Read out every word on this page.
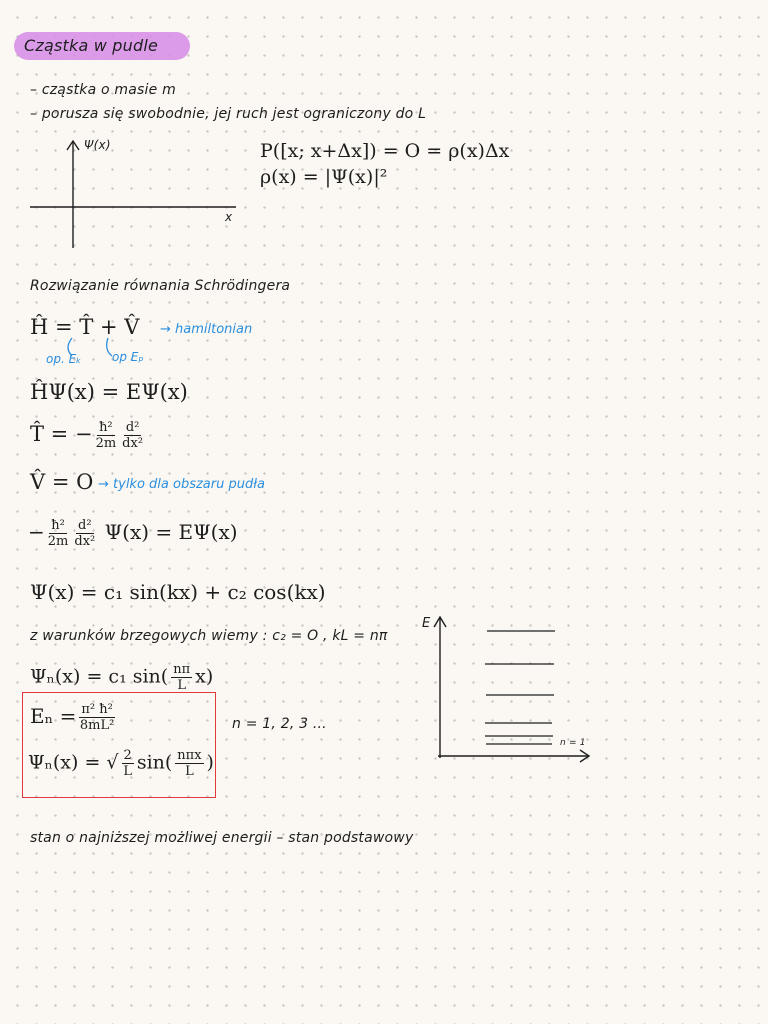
Cząstka w pudle
– cząstka o masie m
– porusza się swobodnie, jej ruch jest ograniczony do L
Ψ(x)
x
P([x; x+Δx]) = O = ρ(x)Δx
ρ(x) = |Ψ(x)|²
Rozwiązanie równania Schrödingera
Ĥ = T̂ + V̂ → hamiltonian
op. Eₖ	op Eₚ
ĤΨ(x) = EΨ(x)
T̂ = − $\frac{\text{ħ²}}{2m} \frac{\text{d²}}{\text{dx²}}$
V̂ = O → tylko dla obszaru pudła
− $\frac{\text{ħ²}}{2m} \frac{\text{d²}}{\text{dx²}} \Psi(x) = E\Psi(x)$
Ψ(x) = c₁ sin(kx) + c₂ cos(kx)
z warunków brzegowych wiemy : c₂ = O , kL = nπ
Ψₙ(x) = c₁ $\sin( \frac{n\pi}{L} x)$
$E_n = \frac{\text{π² ħ²}}{\text{8mL²}}$
Ψₙ(x) = √ $\frac{2}{L} \sin( \frac{\text{nπx}}{L}$ )
n = 1, 2, 3 ...
E
n = 1
stan o najniższej możliwej energii – stan podstawowy
